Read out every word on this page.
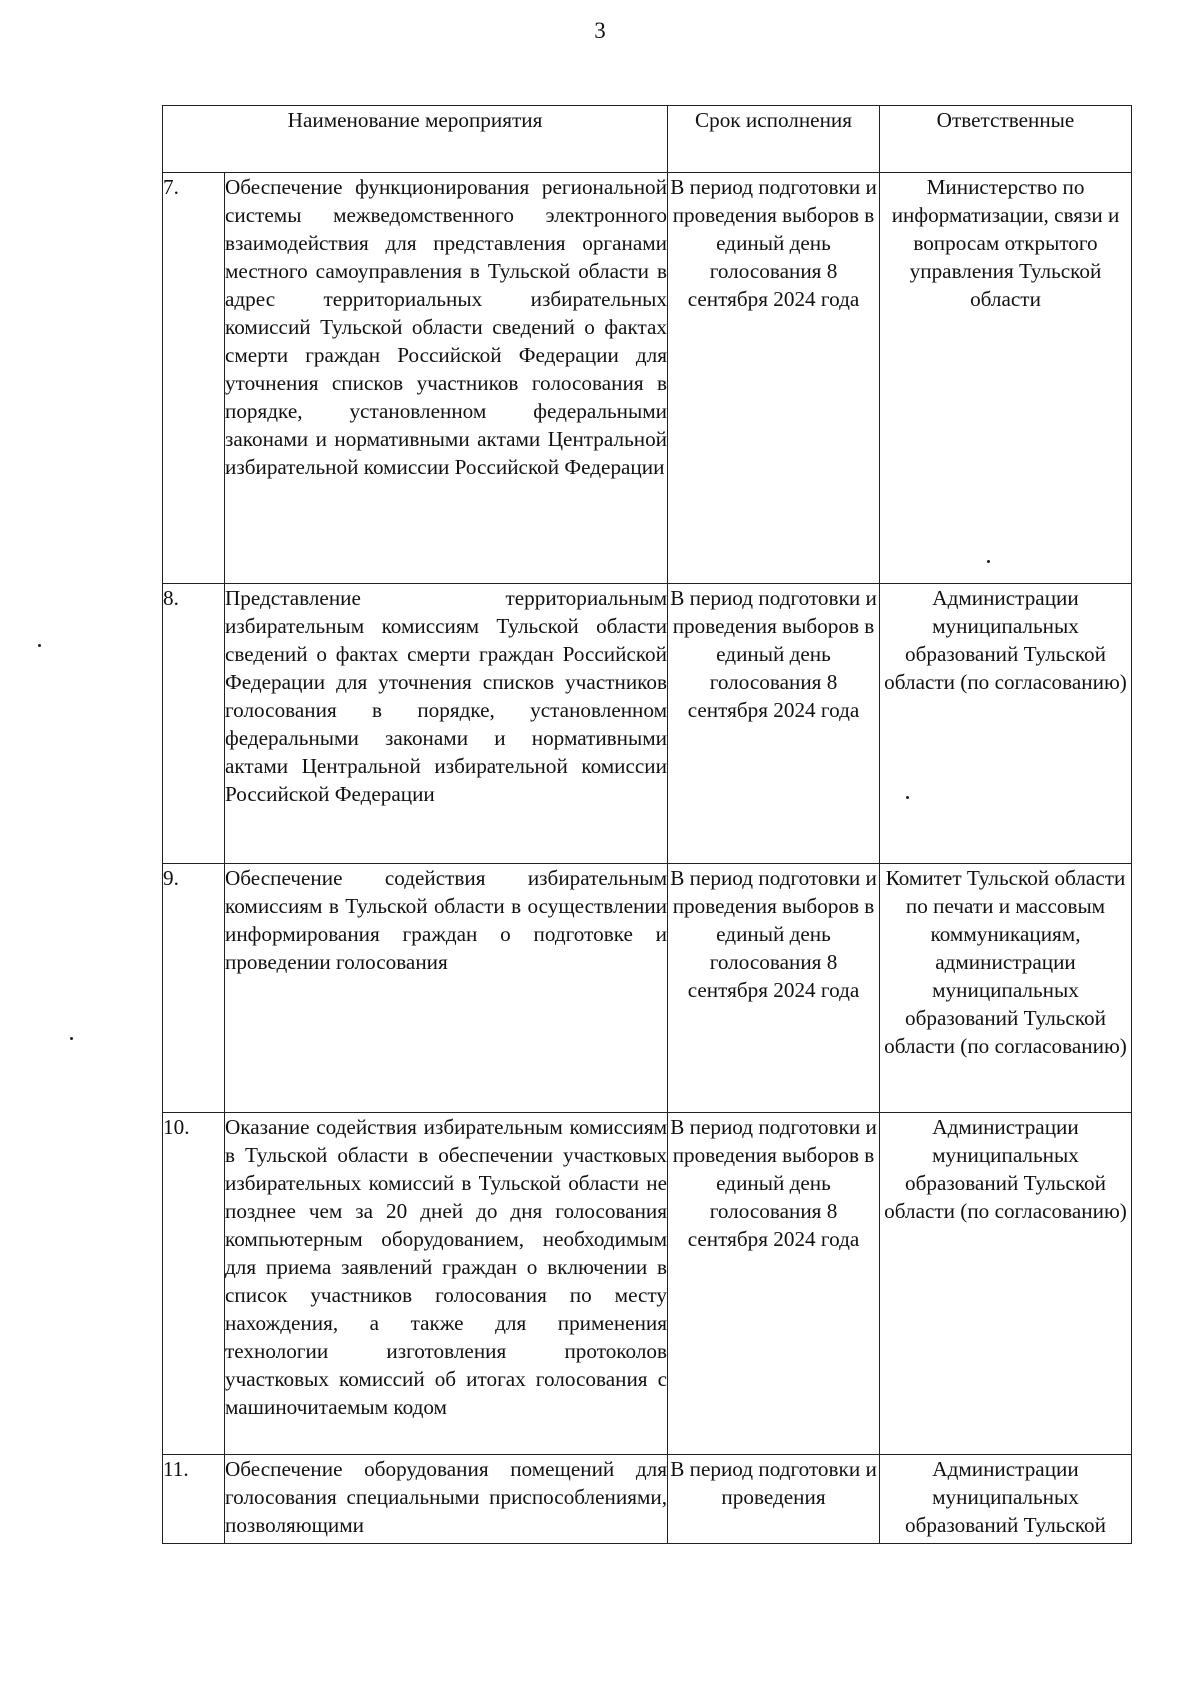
3
Наименование мероприятия		Срок исполнения	Ответственные
7.	Обеспечение функционирования региональной системы межведомственного электронного взаимодействия для представления органами местного самоуправления в Тульской области в адрес территориальных избирательных комиссий Тульской области сведений о фактах смерти граждан Российской Федерации для уточнения списков участников голосования в порядке, установленном федеральными законами и нормативными актами Центральной избирательной комиссии Российской Федерации	В период подготовки и проведения выборов в единый день голосования 8 сентября 2024 года	Министерство по информатизации, связи и вопросам открытого управления Тульской области
8.	Представление территориальным избирательным комиссиям Тульской области сведений о фактах смерти граждан Российской Федерации для уточнения списков участников голосования в порядке, установленном федеральными законами и нормативными актами Центральной избирательной комиссии Российской Федерации	В период подготовки и проведения выборов в единый день голосования 8 сентября 2024 года	Администрации муниципальных образований Тульской области (по согласованию)
9.	Обеспечение содействия избирательным комиссиям в Тульской области в осуществлении информирования граждан о подготовке и проведении голосования	В период подготовки и проведения выборов в единый день голосования 8 сентября 2024 года	Комитет Тульской области по печати и массовым коммуникациям, администрации муниципальных образований Тульской области (по согласованию)
10.	Оказание содействия избирательным комиссиям в Тульской области в обеспечении участковых избирательных комиссий в Тульской области не позднее чем за 20 дней до дня голосования компьютерным оборудованием, необходимым для приема заявлений граждан о включении в список участников голосования по месту нахождения, а также для применения технологии изготовления протоколов участковых комиссий об итогах голосования с машиночитаемым кодом	В период подготовки и проведения выборов в единый день голосования 8 сентября 2024 года	Администрации муниципальных образований Тульской области (по согласованию)
11.	Обеспечение оборудования помещений для голосования специальными приспособлениями, позволяющими	В период подготовки и проведения	Администрации муниципальных образований Тульской
